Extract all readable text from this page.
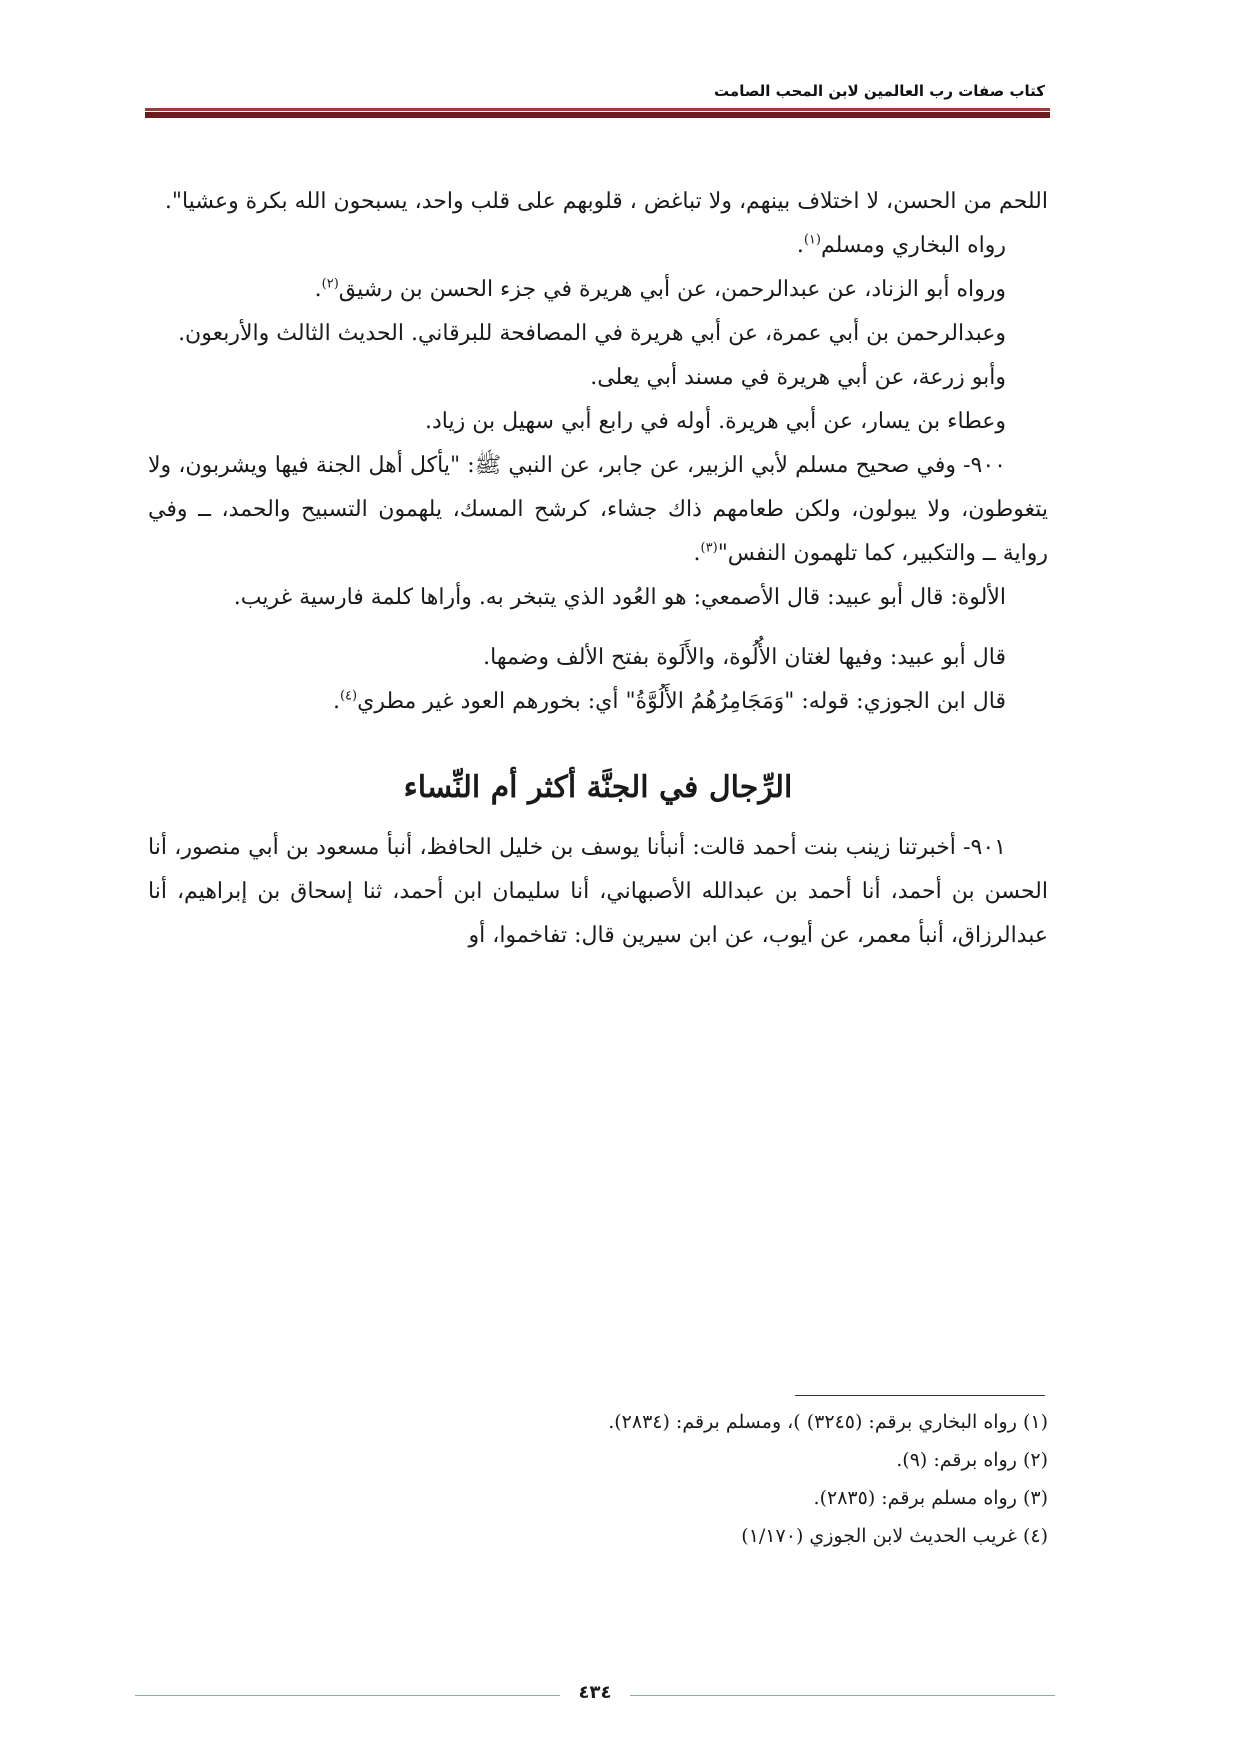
كتاب صفات رب العالمين لابن المحب الصامت

اللحم من الحسن، لا اختلاف بينهم، ولا تباغض ، قلوبهم على قلب واحد، يسبحون الله بكرة وعشيا".

رواه البخاري ومسلم$^{(١)}$.

ورواه أبو الزناد، عن عبدالرحمن، عن أبي هريرة في جزء الحسن بن رشيق$^{(٢)}$.

وعبدالرحمن بن أبي عمرة، عن أبي هريرة في المصافحة للبرقاني. الحديث الثالث والأربعون.

وأبو زرعة، عن أبي هريرة في مسند أبي يعلى.

وعطاء بن يسار، عن أبي هريرة. أوله في رابع أبي سهيل بن زياد.

٩٠٠- وفي صحيح مسلم لأبي الزبير، عن جابر، عن النبي ﷺ: "يأكل أهل الجنة فيها ويشربون، ولا يتغوطون، ولا يبولون، ولكن طعامهم ذاك جشاء، كرشح المسك، يلهمون التسبيح والحمد، ــ وفي رواية ــ والتكبير، كما تلهمون النفس"$^{(٣)}$.

الألوة: قال أبو عبيد: قال الأصمعي: هو العُود الذي يتبخر به. وأراها كلمة فارسية غريب.

قال أبو عبيد: وفيها لغتان الأُلُوة، والأَلَوة بفتح الألف وضمها.

قال ابن الجوزي: قوله: "وَمَجَامِرُهُمُ الأَلُوَّةُ" أي: بخورهم العود غير مطري$^{(٤)}$.

الرِّجال في الجنَّة أكثر أم النِّساء

٩٠١- أخبرتنا زينب بنت أحمد قالت: أنبأنا يوسف بن خليل الحافظ، أنبأ مسعود بن أبي منصور، أنا الحسن بن أحمد، أنا أحمد بن عبدالله الأصبهاني، أنا سليمان ابن أحمد، ثنا إسحاق بن إبراهيم، أنا عبدالرزاق، أنبأ معمر، عن أيوب، عن ابن سيرين قال: تفاخموا، أو

(١) رواه البخاري برقم: (٣٢٤٥) )، ومسلم برقم: (٢٨٣٤).

(٢) رواه برقم: (٩).

(٣) رواه مسلم برقم: (٢٨٣٥).

(٤) غريب الحديث لابن الجوزي (١/١٧٠)

٤٣٤
